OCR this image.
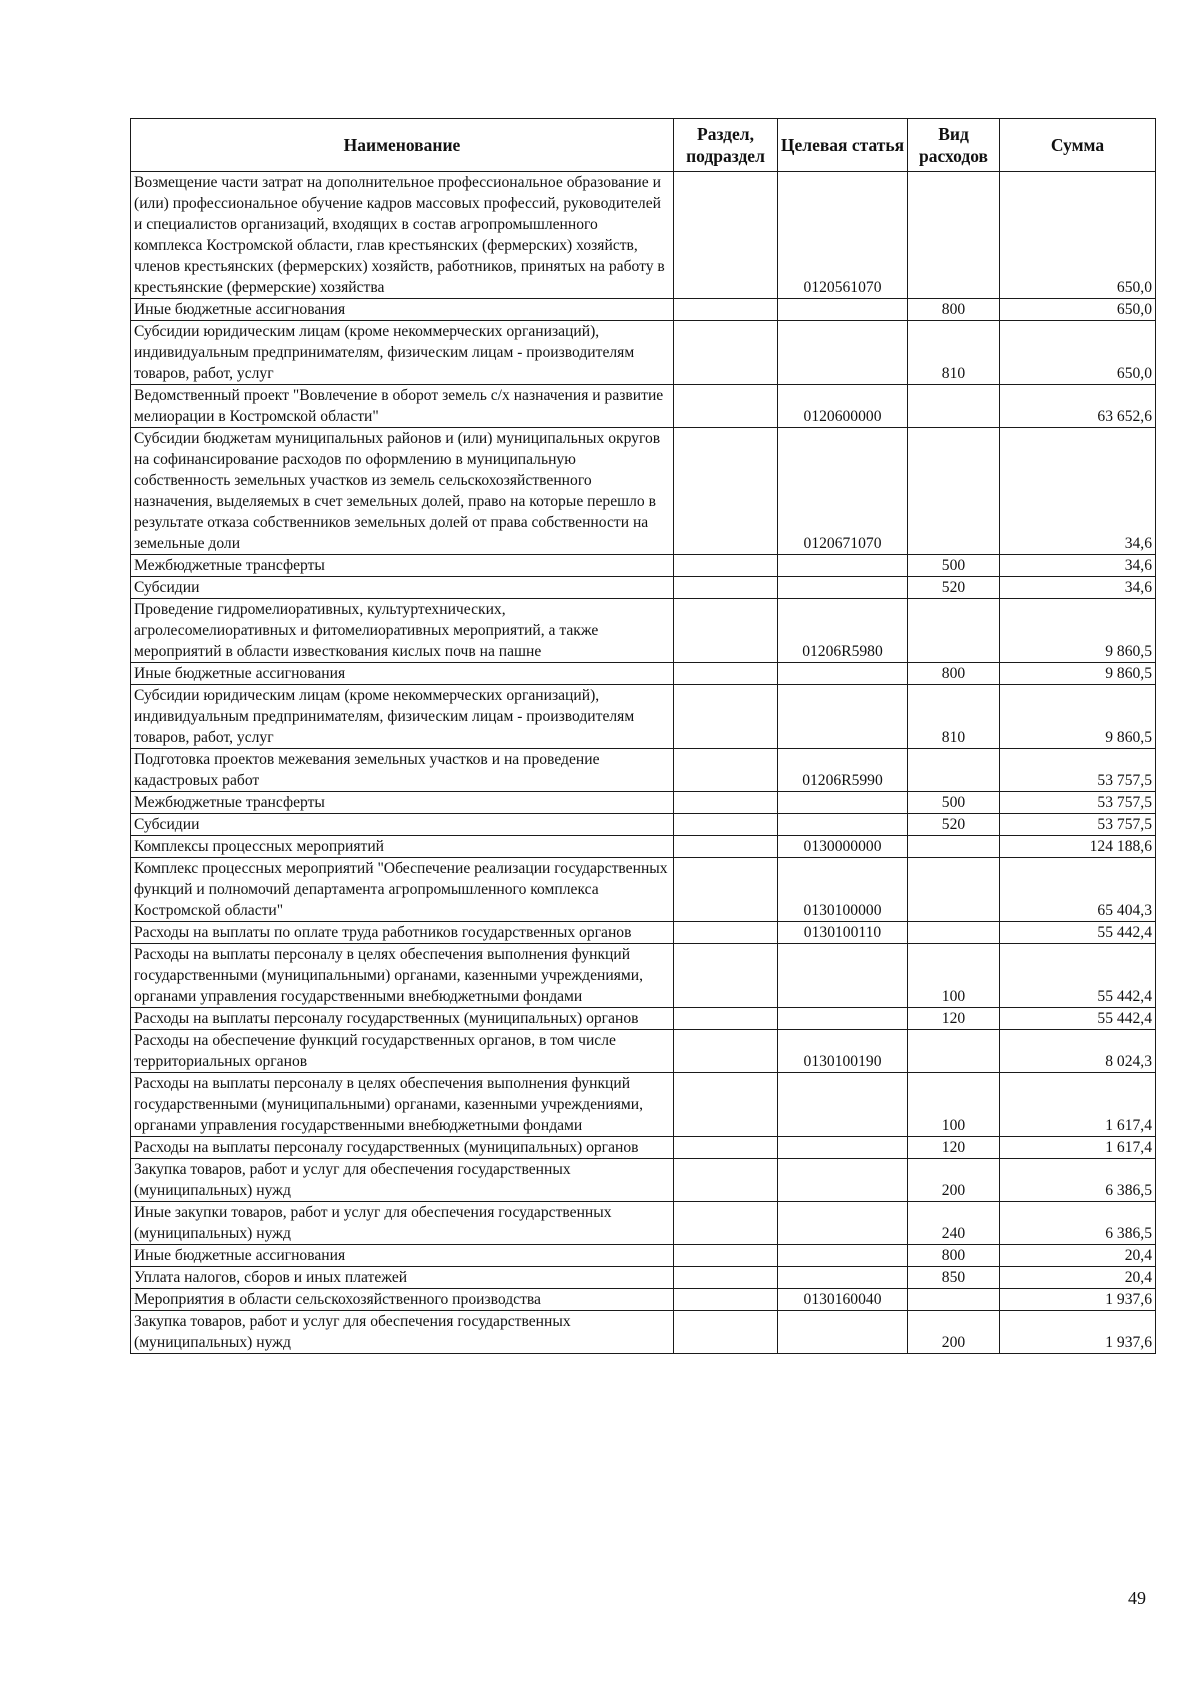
Наименование	Раздел, подраздел	Целевая статья	Вид расходов	Сумма
Возмещение части затрат на дополнительное профессиональное образование и (или) профессиональное обучение кадров массовых профессий, руководителей и специалистов организаций, входящих в состав агропромышленного комплекса Костромской области, глав крестьянских (фермерских) хозяйств, членов крестьянских (фермерских) хозяйств, работников, принятых на работу в крестьянские (фермерские) хозяйства		0120561070		650,0
Иные бюджетные ассигнования			800	650,0
Субсидии юридическим лицам (кроме некоммерческих организаций), индивидуальным предпринимателям, физическим лицам - производителям товаров, работ, услуг			810	650,0
Ведомственный проект "Вовлечение в оборот земель с/х назначения и развитие мелиорации в Костромской области"		0120600000		63 652,6
Субсидии бюджетам муниципальных районов и (или) муниципальных округов на софинансирование расходов по оформлению в муниципальную собственность земельных участков из земель сельскохозяйственного назначения, выделяемых в счет земельных долей, право на которые перешло в результате отказа собственников земельных долей от права собственности на земельные доли		0120671070		34,6
Межбюджетные трансферты			500	34,6
Субсидии			520	34,6
Проведение гидромелиоративных, культуртехнических, агролесомелиоративных и фитомелиоративных мероприятий, а также мероприятий в области известкования кислых почв на пашне		01206R5980		9 860,5
Иные бюджетные ассигнования			800	9 860,5
Субсидии юридическим лицам (кроме некоммерческих организаций), индивидуальным предпринимателям, физическим лицам - производителям товаров, работ, услуг			810	9 860,5
Подготовка проектов межевания земельных участков и на проведение кадастровых работ		01206R5990		53 757,5
Межбюджетные трансферты			500	53 757,5
Субсидии			520	53 757,5
Комплексы процессных мероприятий		0130000000		124 188,6
Комплекс процессных мероприятий "Обеспечение реализации государственных функций и полномочий департамента агропромышленного комплекса Костромской области"		0130100000		65 404,3
Расходы на выплаты по оплате труда работников государственных органов		0130100110		55 442,4
Расходы на выплаты персоналу в целях обеспечения выполнения функций государственными (муниципальными) органами, казенными учреждениями, органами управления государственными внебюджетными фондами			100	55 442,4
Расходы на выплаты персоналу государственных (муниципальных) органов			120	55 442,4
Расходы на обеспечение функций государственных органов, в том числе территориальных органов		0130100190		8 024,3
Расходы на выплаты персоналу в целях обеспечения выполнения функций государственными (муниципальными) органами, казенными учреждениями, органами управления государственными внебюджетными фондами			100	1 617,4
Расходы на выплаты персоналу государственных (муниципальных) органов			120	1 617,4
Закупка товаров, работ и услуг для обеспечения государственных (муниципальных) нужд			200	6 386,5
Иные закупки товаров, работ и услуг для обеспечения государственных (муниципальных) нужд			240	6 386,5
Иные бюджетные ассигнования			800	20,4
Уплата налогов, сборов и иных платежей			850	20,4
Мероприятия в области сельскохозяйственного производства		0130160040		1 937,6
Закупка товаров, работ и услуг для обеспечения государственных (муниципальных) нужд			200	1 937,6
49
